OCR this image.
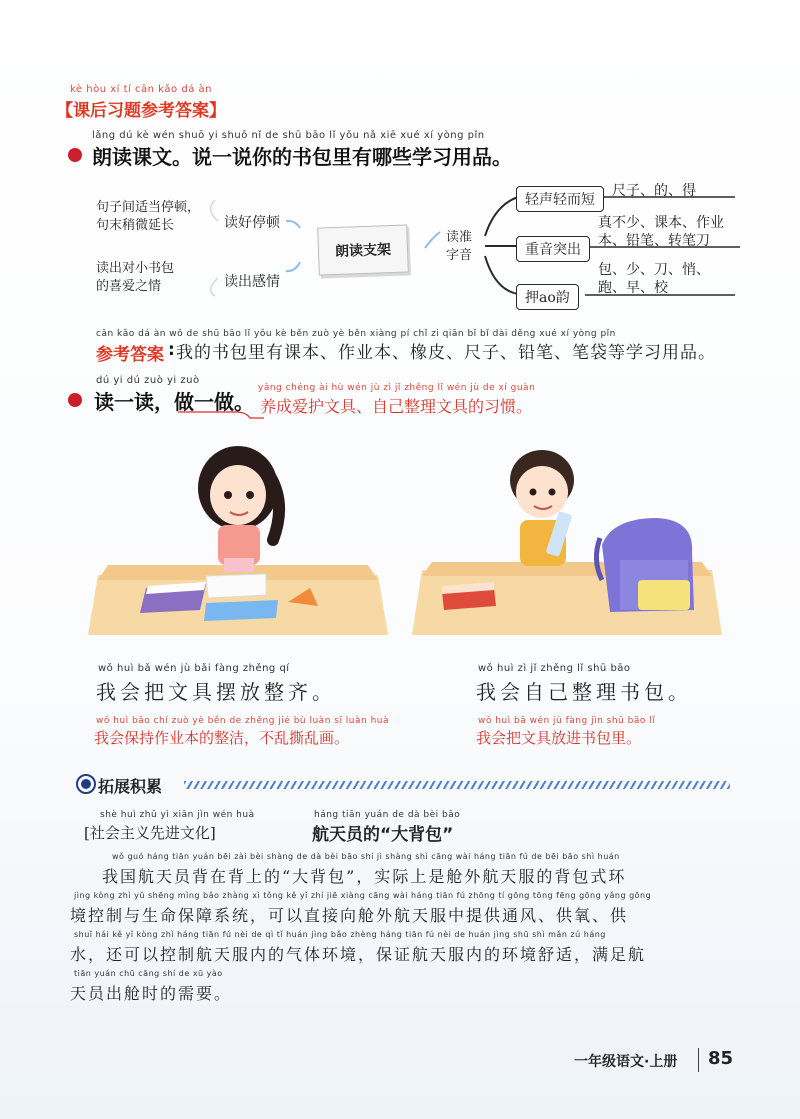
kè hòu xí tí cān kǎo dá àn
【课后习题参考答案】
lǎng dú kè wén shuō yi shuō nǐ de shū bāo lǐ yǒu nǎ xiē xué xí yòng pǐn
朗读课文。说一说你的书包里有哪些学习用品。
句子间适当停顿，
句末稍微延长	读好停顿
读出对小书包
的喜爱之情	读出感情
朗读支架
读准
字音
轻声轻而短
尺子、的、得
重音突出
真不少、课本、作业
本、铅笔、转笔刀
押ao韵
包、少、刀、悄、
跑、早、校
cān kǎo dá àn wǒ de shū bāo lǐ yǒu kè běn zuò yè běn xiàng pí chǐ zi qiān bǐ bǐ dài děng xué xí yòng pǐn
参考答案 : 我的书包里有课本、作业本、橡皮、尺子、铅笔、笔袋等学习用品。
dú yi dú zuò yi zuò
读一读，做一做。
yǎng chéng ài hù wén jù zì jǐ zhěng lǐ wén jù de xí guàn
养成爱护文具、自己整理文具的习惯。
wǒ huì bǎ wén jù bǎi fàng zhěng qí
我会把文具摆放整齐。
wǒ huì bǎo chí zuò yè běn de zhěng jié bù luàn sī luàn huà
我会保持作业本的整洁，不乱撕乱画。
wǒ huì zì jǐ zhěng lǐ shū bāo
我会自己整理书包。
wǒ huì bǎ wén jù fàng jìn shū bāo lǐ
我会把文具放进书包里。
拓展积累
shè huì zhǔ yì xiān jìn wén huà
[社会主义先进文化]
háng tiān yuán de dà bèi bāo
航天员的“大背包”
wǒ guó háng tiān yuán bēi zài bèi shàng de dà bèi bāo shí jì shàng shì cāng wài háng tiān fú de bēi bāo shì huán
我国航天员背在背上的“大背包”，实际上是舱外航天服的背包式环
jìng kòng zhì yǔ shēng mìng bǎo zhàng xì tǒng kě yǐ zhí jiē xiàng cāng wài háng tiān fú zhōng tí gōng tōng fēng gōng yǎng gōng
境控制与生命保障系统，可以直接向舱外航天服中提供通风、供氧、供
shuǐ hái kě yǐ kòng zhì háng tiān fú nèi de qì tǐ huán jìng bǎo zhèng háng tiān fú nèi de huán jìng shū shì mǎn zú háng
水，还可以控制航天服内的气体环境，保证航天服内的环境舒适，满足航
tiān yuán chū cāng shí de xū yào
天员出舱时的需要。
一年级语文·上册 85
